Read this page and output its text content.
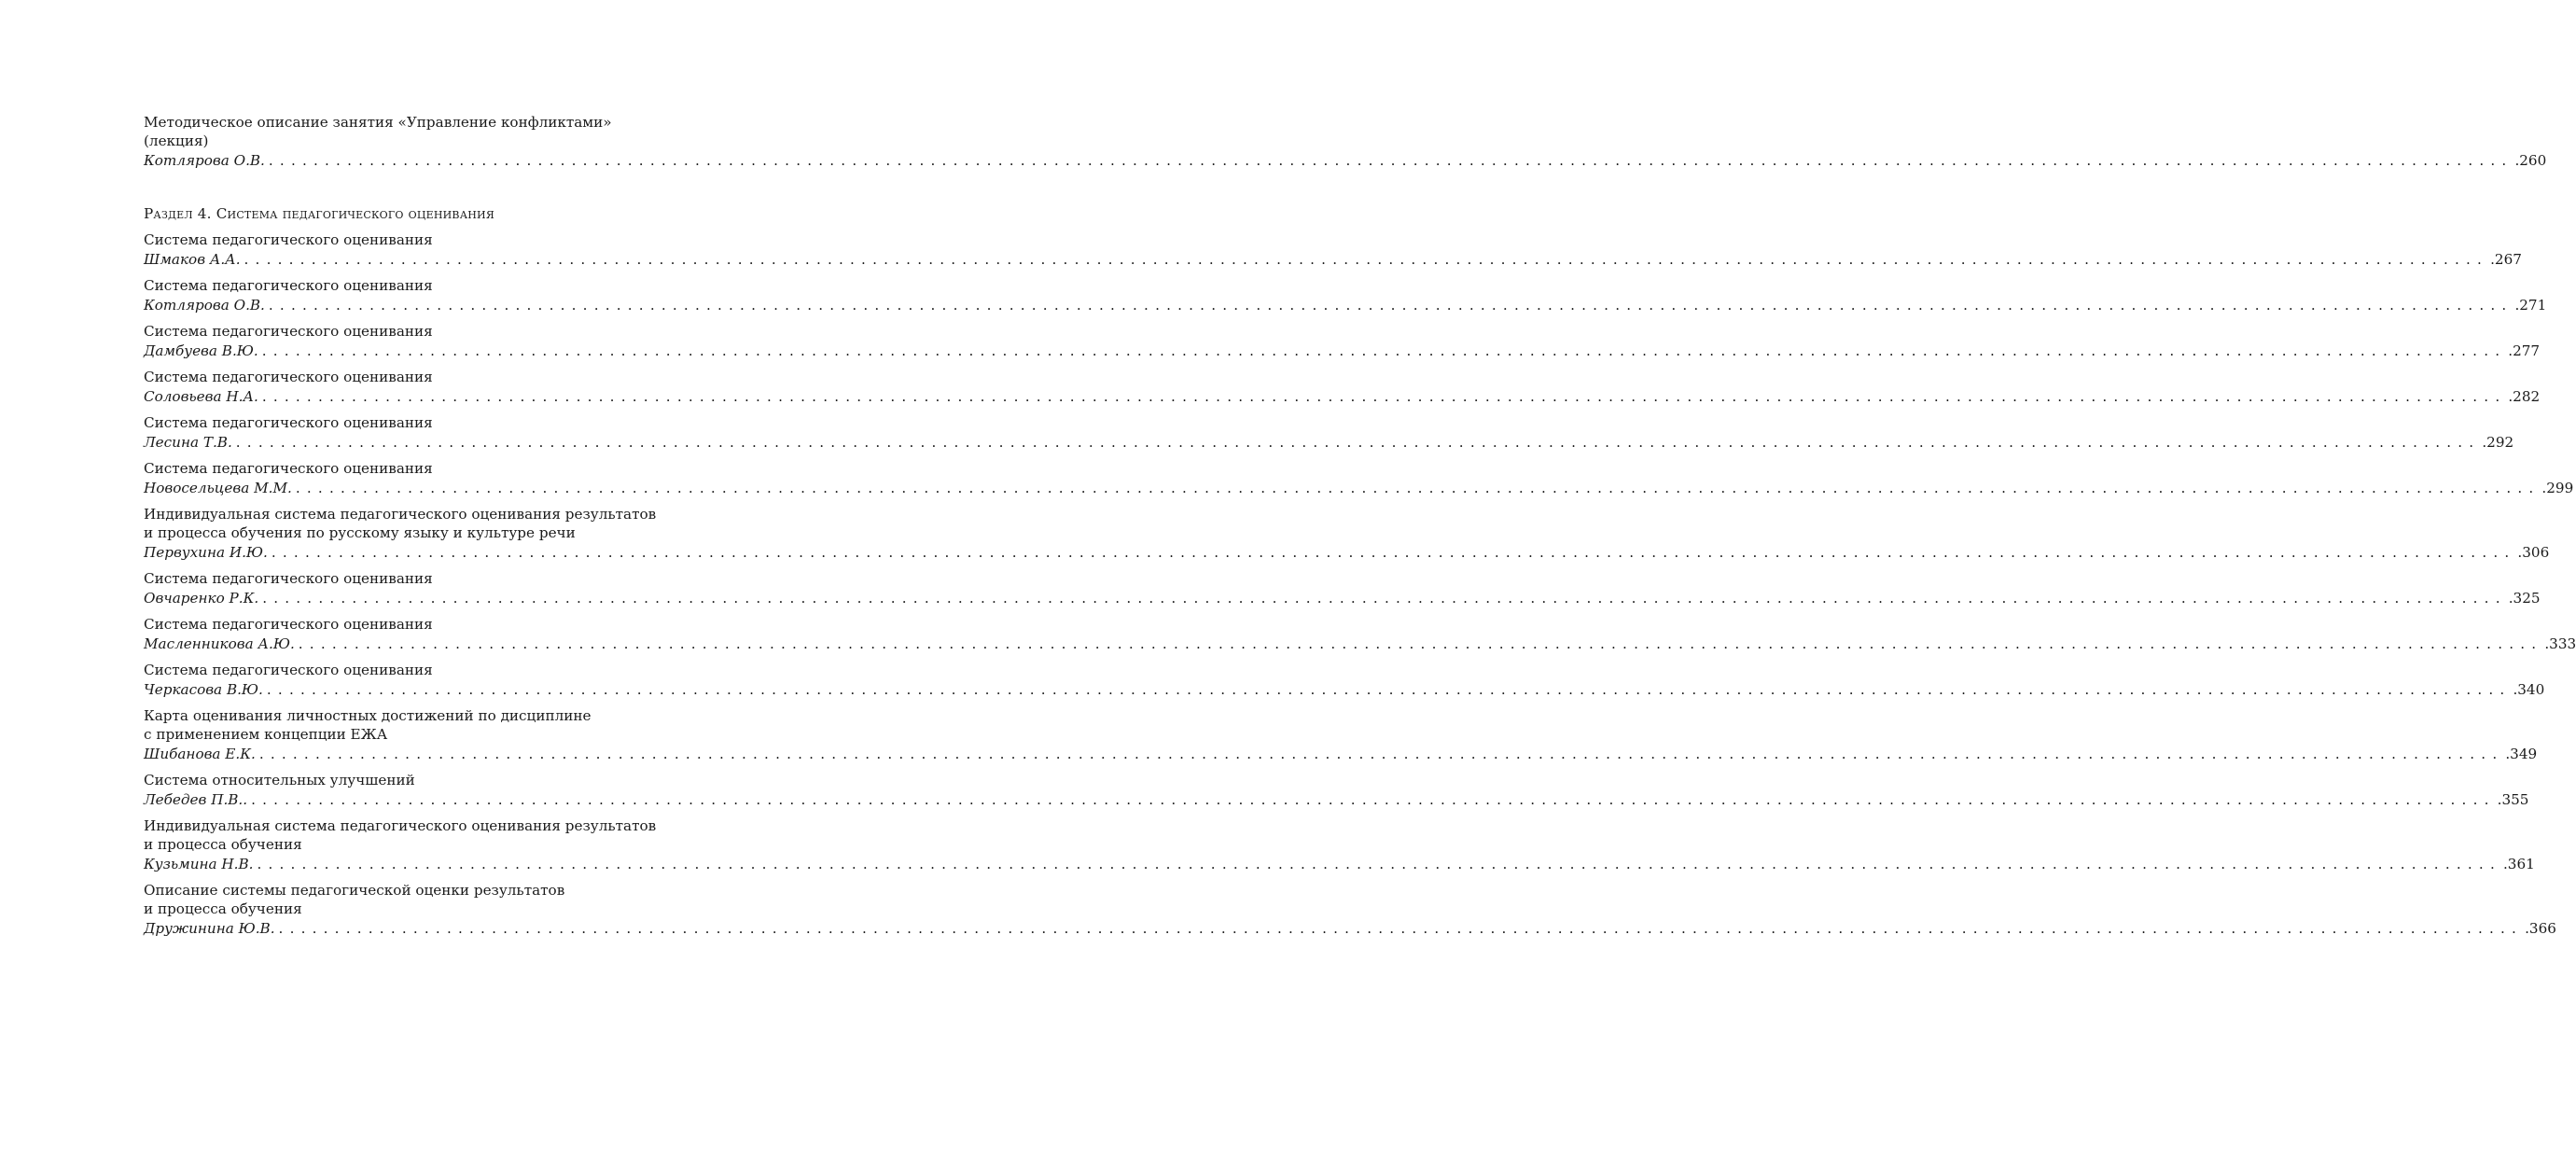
Методическое описание занятия «Управление конфликтами»
(лекция)
Котлярова О.В. ........................................................................................................................................................................................................ .260
Раздел 4. Система педагогического оценивания
Система педагогического оценивания
Шмаков А.А. ........................................................................................................................................................................................................ .267
Система педагогического оценивания
Котлярова О.В. ........................................................................................................................................................................................................ .271
Система педагогического оценивания
Дамбуева В.Ю. ........................................................................................................................................................................................................ .277
Система педагогического оценивания
Соловьева Н.А. ........................................................................................................................................................................................................ .282
Система педагогического оценивания
Лесина Т.В. ........................................................................................................................................................................................................ .292
Система педагогического оценивания
Новосельцева М.М. ........................................................................................................................................................................................................ .299
Индивидуальная система педагогического оценивания результатов
и процесса обучения по русскому языку и культуре речи
Первухина И.Ю. ........................................................................................................................................................................................................ .306
Система педагогического оценивания
Овчаренко Р.К. ........................................................................................................................................................................................................ .325
Система педагогического оценивания
Масленникова А.Ю. ........................................................................................................................................................................................................ .333
Система педагогического оценивания
Черкасова В.Ю. ........................................................................................................................................................................................................ .340
Карта оценивания личностных достижений по дисциплине
с применением концепции ЕЖА
Шибанова Е.К. ........................................................................................................................................................................................................ .349
Система относительных улучшений
Лебедев П.В.. ........................................................................................................................................................................................................ .355
Индивидуальная система педагогического оценивания результатов
и процесса обучения
Кузьмина Н.В. ........................................................................................................................................................................................................ .361
Описание системы педагогической оценки результатов
и процесса обучения
Дружинина Ю.В. ........................................................................................................................................................................................................ .366
